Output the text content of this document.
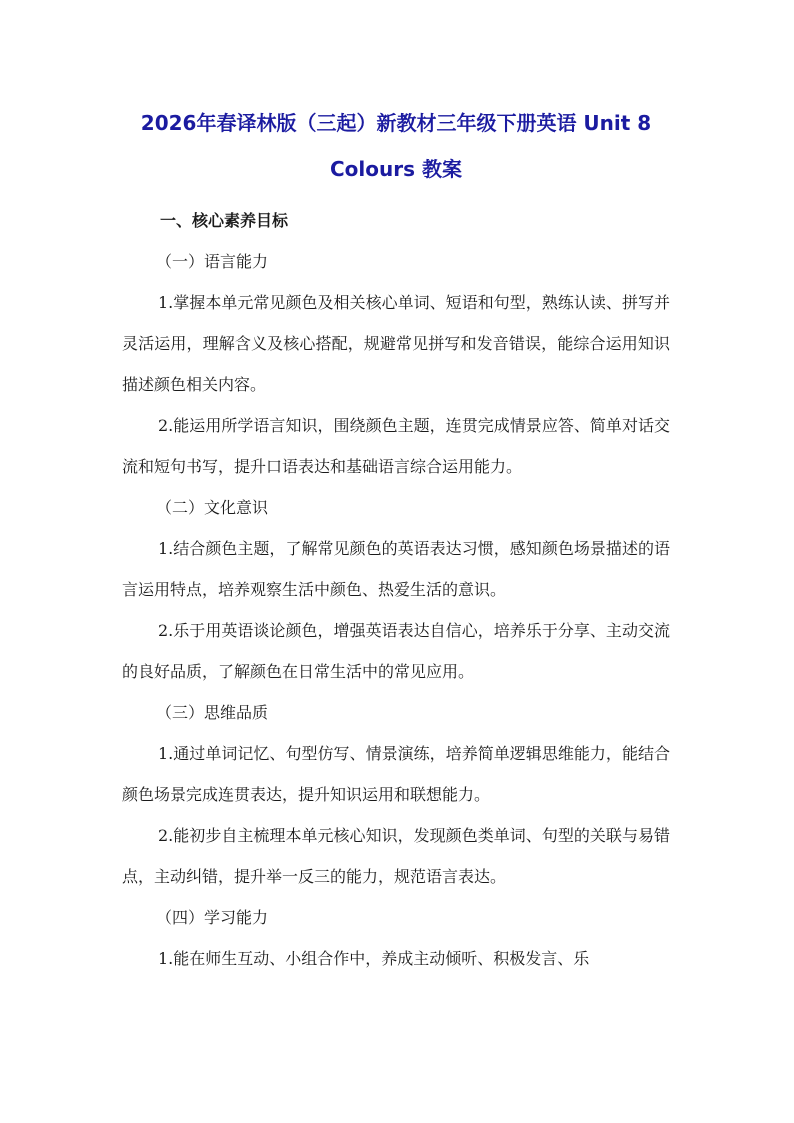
2026年春译林版（三起）新教材三年级下册英语 Unit 8 Colours 教案
一、核心素养目标

（一）语言能力

1.掌握本单元常见颜色及相关核心单词、短语和句型，熟练认读、拼写并灵活运用，理解含义及核心搭配，规避常见拼写和发音错误，能综合运用知识描述颜色相关内容。

2.能运用所学语言知识，围绕颜色主题，连贯完成情景应答、简单对话交流和短句书写，提升口语表达和基础语言综合运用能力。

（二）文化意识

1.结合颜色主题，了解常见颜色的英语表达习惯，感知颜色场景描述的语言运用特点，培养观察生活中颜色、热爱生活的意识。

2.乐于用英语谈论颜色，增强英语表达自信心，培养乐于分享、主动交流的良好品质，了解颜色在日常生活中的常见应用。

（三）思维品质

1.通过单词记忆、句型仿写、情景演练，培养简单逻辑思维能力，能结合颜色场景完成连贯表达，提升知识运用和联想能力。

2.能初步自主梳理本单元核心知识，发现颜色类单词、句型的关联与易错点，主动纠错，提升举一反三的能力，规范语言表达。

（四）学习能力

1.能在师生互动、小组合作中，养成主动倾听、积极发言、乐
